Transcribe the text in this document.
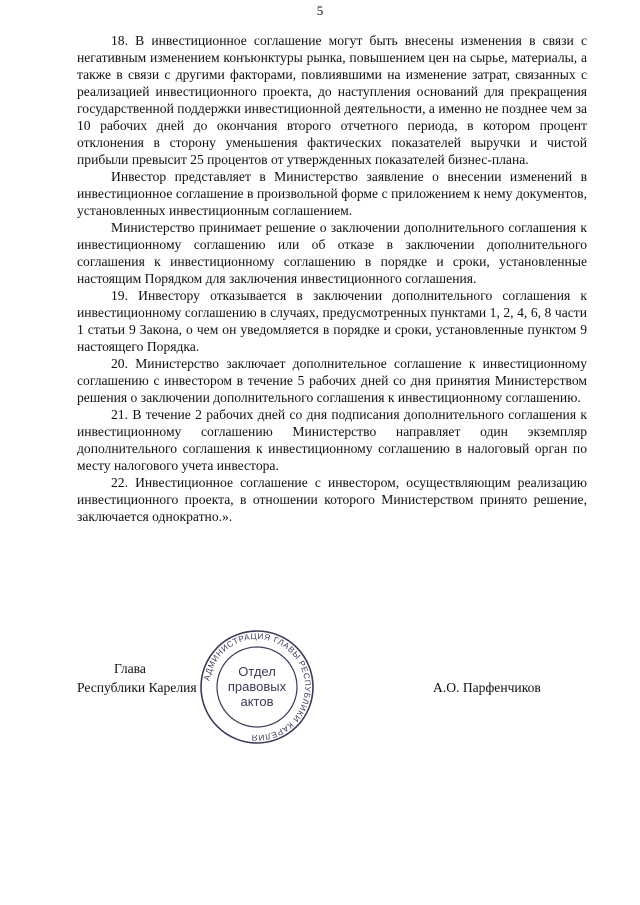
5

18. В инвестиционное соглашение могут быть внесены изменения в связи с негативным изменением конъюнктуры рынка, повышением цен на сырье, материалы, а также в связи с другими факторами, повлиявшими на изменение затрат, связанных с реализацией инвестиционного проекта, до наступления оснований для прекращения государственной поддержки инвестиционной деятельности, а именно не позднее чем за 10 рабочих дней до окончания второго отчетного периода, в котором процент отклонения в сторону уменьшения фактических показателей выручки и чистой прибыли превысит 25 процентов от утвержденных показателей бизнес-плана.

Инвестор представляет в Министерство заявление о внесении изменений в инвестиционное соглашение в произвольной форме с приложением к нему документов, установленных инвестиционным соглашением.

Министерство принимает решение о заключении дополнительного соглашения к инвестиционному соглашению или об отказе в заключении дополнительного соглашения к инвестиционному соглашению в порядке и сроки, установленные настоящим Порядком для заключения инвестиционного соглашения.

19. Инвестору отказывается в заключении дополнительного соглашения к инвестиционному соглашению в случаях, предусмотренных пунктами 1, 2, 4, 6, 8 части 1 статьи 9 Закона, о чем он уведомляется в порядке и сроки, установленные пунктом 9 настоящего Порядка.

20. Министерство заключает дополнительное соглашение к инвестиционному соглашению с инвестором в течение 5 рабочих дней со дня принятия Министерством решения о заключении дополнительного соглашения к инвестиционному соглашению.

21. В течение 2 рабочих дней со дня подписания дополнительного соглашения к инвестиционному соглашению Министерство направляет один экземпляр дополнительного соглашения к инвестиционному соглашению в налоговый орган по месту налогового учета инвестора.

22. Инвестиционное соглашение с инвестором, осуществляющим реализацию инвестиционного проекта, в отношении которого Министерством принято решение, заключается однократно.».

Глава
Республики Карелия	А.О. Парфенчиков
АДМИНИСТРАЦИЯ ГЛАВЫ РЕСПУБЛИКИ КАРЕЛИЯ
Отдел
правовых
актов
